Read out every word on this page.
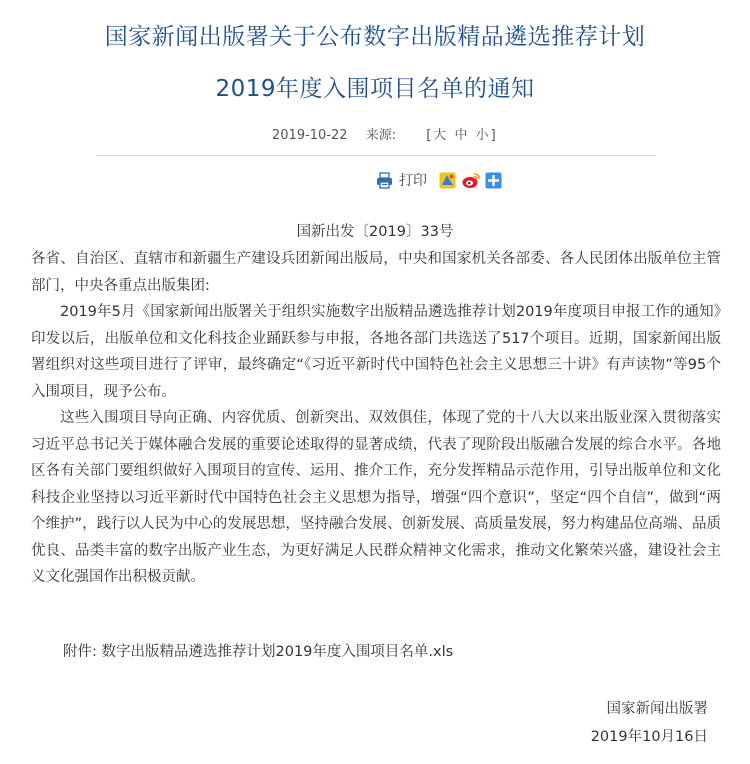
国家新闻出版署关于公布数字出版精品遴选推荐计划
2019年度入围项目名单的通知
2019-10-22 来源: [大 中 小]
打印
国新出发〔2019〕33号

各省、自治区、直辖市和新疆生产建设兵团新闻出版局，中央和国家机关各部委、各人民团体出版单位主管部门，中央各重点出版集团:

2019年5月《国家新闻出版署关于组织实施数字出版精品遴选推荐计划2019年度项目申报工作的通知》印发以后，出版单位和文化科技企业踊跃参与申报，各地各部门共选送了517个项目。近期，国家新闻出版署组织对这些项目进行了评审，最终确定“《习近平新时代中国特色社会主义思想三十讲》有声读物”等95个入围项目，现予公布。

这些入围项目导向正确、内容优质、创新突出、双效俱佳，体现了党的十八大以来出版业深入贯彻落实习近平总书记关于媒体融合发展的重要论述取得的显著成绩，代表了现阶段出版融合发展的综合水平。各地区各有关部门要组织做好入围项目的宣传、运用、推介工作，充分发挥精品示范作用，引导出版单位和文化科技企业坚持以习近平新时代中国特色社会主义思想为指导，增强“四个意识”，坚定“四个自信”，做到“两个维护”，践行以人民为中心的发展思想，坚持融合发展、创新发展、高质量发展，努力构建品位高端、品质优良、品类丰富的数字出版产业生态，为更好满足人民群众精神文化需求，推动文化繁荣兴盛，建设社会主义文化强国作出积极贡献。

附件: 数字出版精品遴选推荐计划2019年度入围项目名单.xls
国家新闻出版署
2019年10月16日
